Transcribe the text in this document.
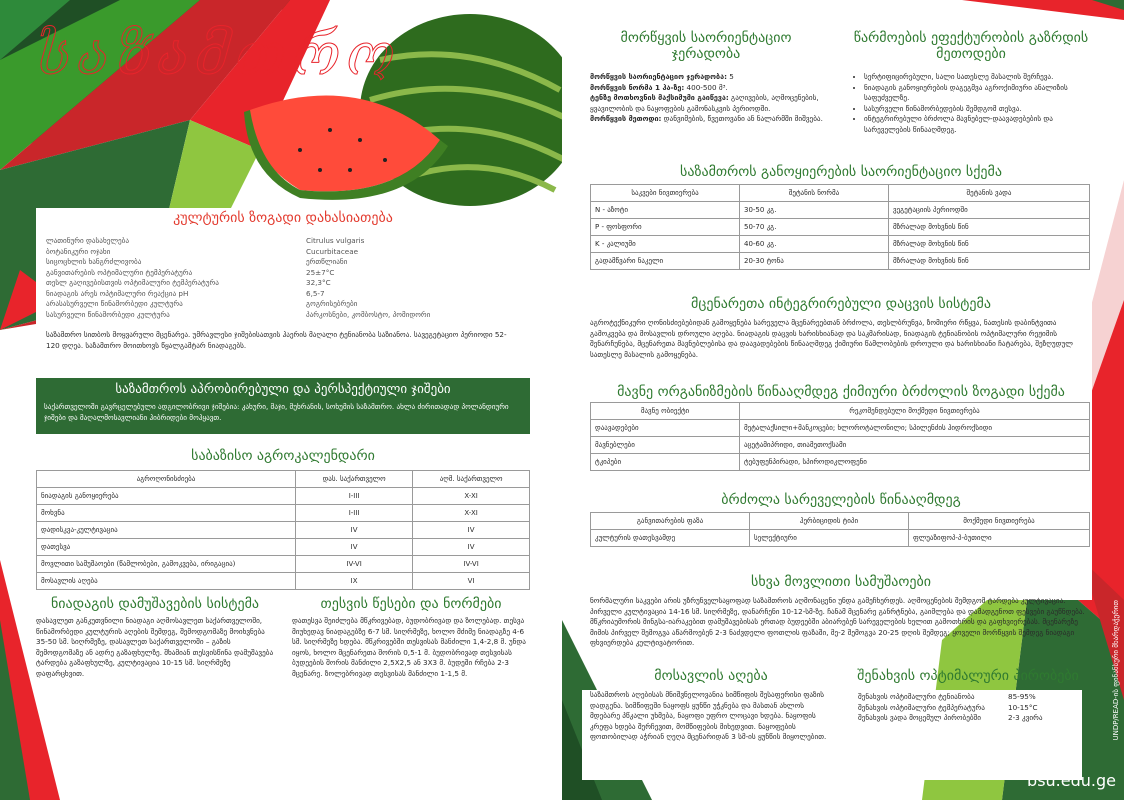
საზამთრო
კულტურის ზოგადი დახასიათება
ლათინური დასახელება	Citrulus vulgaris
ბოტანიკური ოჯახი	Cucurbitaceae
სიცოცხლის ხანგრძლივობა	ერთწლიანი
განვითარების ოპტიმალური ტემპერატურა	25±7°C
თესლ გაღივებისთვის ოპტიმალური ტემპერატურა	32,3°C
ნიადაგის არეს ოპტიმალური რეაქცია pH	6,5-7
არასასურველი წინამორბედი კულტურა	გოგრისებრები
სასურველი წინამორბედი კულტურა	პარკოსნები, კომბოსტო, პომიდორი
საზამთრო სითბოს მოყვარული მცენარეა. უმრავლესი ჯიშებისათვის ჰაერის მაღალი ტენიანობა საზიანოა. სავეგეტაციო პერიოდი 52-120 დღეა. საზამთრო მოითხოვს წყალგამტარ ნიადაგებს.
საზამთროს აპრობირებული და პერსპექტიული ჯიშები
საქართველოში გავრცელებული ადგილობრივი ჯიშებია: კახური, მაჯი, მუხრანის, სოხუმის საზამთრო. ახლა ძირითადად პოლანდიური ჯიშები და მაღალმოსავლიანი ჰიბრიდები მოჰყავთ.
საბაზისო აგროკალენდარი
აგროღონისძიება	დას. საქართველო	აღმ. საქართველო
ნიადაგის განოყიერება	I-III	X-XI
მოხვნა	I-III	X-XI
დადისკვა-კულტივაცია	IV	IV
დათესვა	IV	IV
მოვლითი სამუშაოები (წამლობები, გამოკვება, ირიგაცია)	IV-VI	IV-VI
მოსავლის აღება	IX	VI
ნიადაგის დამუშავების სისტემა
დასავლეთ განკუთვნილი ნიადაგი აღმოსავლეთ საქართველოში, წინამორბედი კულტურის აღების შემდეგ, შემოდგომაზე მოიხვნება 35-50 სმ. სიღრმეზე, დასავლეთ საქართველოში – გაზის შემოდგომაზე ან ადრე გაზაფხულზე. შხამიან თესვისწინა დამუშავება ტარდება გაზაფხულზე, კულტივაცია 10-15 სმ. სიღრმეზე დაფარცხვით.
თესვის წესები და ნორმები
დათესვა შეიძლება მწკრივებად, ბუდობრივად და ზოლებად. თესვა მიუხედავ ნიადაგებზე 6-7 სმ. სიღრმეზე, ხოლო მძიმე ნიადაგზე 4-6 სმ. სიღრმეზე ხდება. მწკრივებში თესვისას მანძილი 1,4-2,8 მ. უნდა იყოს, ხოლო მცენარეთა შორის 0,5-1 მ. ბუდობრივად თესვისას ბუდეების შორის მანძილი 2,5X2,5 ან 3X3 მ. ბუდეში რჩება 2-3 მცენარე. ზოლებრივად თესვისას მანძილი 1-1,5 მ.
მორწყვის საორიენტაციო ჯერადობა
მორწყვის საორიენტაციო ჯერადობა: 5
მორწყვის ნორმა 1 ჰა-ზე: 400-500 მ³.
ტენზე მოთხოვნის მაქსიმუმი გაიწევა: გაღივების, აღმოცენების, ყვავილობის და ნაყოფების გამონასკვის პერიოდში.
მორწყვის მეთოდი: დანვიმების, წვეთოვანი ან ნალარმში მიშვება.
წარმოების ეფექტურობის გაზრდის მეთოდები
• სერტიფიცირებული, სალი სათესლე მასალის შერჩევა.
• ნიადაგის განოყიერების დაგეგმვა აგროქიმიური ანალიზის საფუძველზე.
• სასურველი წინამორბედების შემდგომ თესვა.
• ინტეგრირებული ბრძოლა მავნებელ-დაავადებების და სარეველების წინააღმდეგ.
საზამთროს განოყიერების საორიენტაციო სქემა
საკვები ნივთიერება	შეტანის ნორმა	შეტანის ვადა
N - აზოტი	30-50 კგ.	ვეგეტაციის პერიოდში
P - ფოსფორი	50-70 კგ.	მზრალად მოხვნის წინ
K - კალიუმი	40-60 კგ.	მზრალად მოხვნის წინ
გადამწვარი ნაკელი	20-30 ტონა	მზრალად მოხვნის წინ
მცენარეთა ინტეგრირებული დაცვის სისტემა
აგროტექნიკური ღონისძიებებიდან გამოყენება სარეველა მცენარეებთან ბრძოლა, თესლბრუნვა, ზომიერი რწყვა, ნათესის დაბინტვითა გამოკვება და მოსავლის დროული აღება. ნიადაგის დაცვის ხარისხიანად და საკმარისად, ნიადაგის ტენიანობის ოპტიმალური რეჟიმის შენარჩუნება, მცენარეთა მავნებლებისა და დაავადებების წინააღმდეგ ქიმიური წამლობების დროული და ხარისხიანი ჩატარება, შეზღუდულ სათესლე მასალის გამოყენება.
მავნე ორგანიზმების წინააღმდეგ ქიმიური ბრძოლის ზოგადი სქემა
მავნე ობიექტი	რეკომენდებული მოქმედი ნივთიერება
დაავადებები	მეტალაქსილი+მანკოცები; ხლოროტალონილი; სპილენძის ჰიდროქსიდი
მავნებლები	აცეტამიპრიდი, თიამეთოქსამი
ტკიპები	ტებუფენპირადი, სპიროდიკლოფენი
ბრძოლა სარეველების წინააღმდეგ
განვითარების ფაზა	ჰერბიციდის ტიპი	მოქმედი ნივთიერება
კულტურის დათესვამდე	სელექტიური	ფლუაზიფოპ-პ-ბუთილი
სხვა მოვლითი სამუშაოები
ნორმალური საკვები არის უზრუნველსაყოფად საზამთროს აღმონაცენი უნდა გამეჩხერდეს. აღმოცენების შემდგომ ტარდება კულტივაცია. პირველი კულტივაცია 14-16 სმ. სიღრმეზე, დანარჩენი 10-12-სმ-ზე. ჩანამ მცენარე განრტნება, გაიმლება და დამადგენოთ ფესვები გაუწნდება. მწკრიაუმორის მინგსა-იარაკებით დამუშავებისას ერთად ბუდეებში აბიარებენ სარეველების ხელით გამოთხრის და გაფხვიერებას. მცენარეზე მიმის პირველ შემოგვა აწარმოებენ 2-3 ნაძვდელი ფოთლის ფაზაში, მე-2 შემოგვა 20-25 დღის შემდეგ; ყოველი მორწყვის შემდეგ ნიადაგი ფხვიერდება კულტივატორით.
მოსავლის აღება
საზამთროს აღებისას მნიშვნელოვანია სიმწიფის შესაფერისი ფაზის დადგენა. სიმწიფეში ნაყოფს ყუნწი უჭკნება და მასთან ახლოს მდებარე პწკალი უხმება, ნაყოფი უფრო ლოცავი ხდება. ნაყოფის კრეფა ხდება შერჩევით, მომწიფების მიხედვით. ნაყოფების ფოთობილად აჭრიან ღეღა მცენარიდან 3 სმ-ის ყუნწის მიყოლებით.
შენახვის ოპტიმალური პირობები
შენახვის ოპტიმალური ტენიანობა	85-95%
შენახვის ოპტიმალური ტემპერატურა	10-15°C
შენახვის ვადა მოცემულ პირობებში	2-3 კვირა
bsu.edu.ge
UNDP/READ-ის ფინანსური მხარდაჭერით
